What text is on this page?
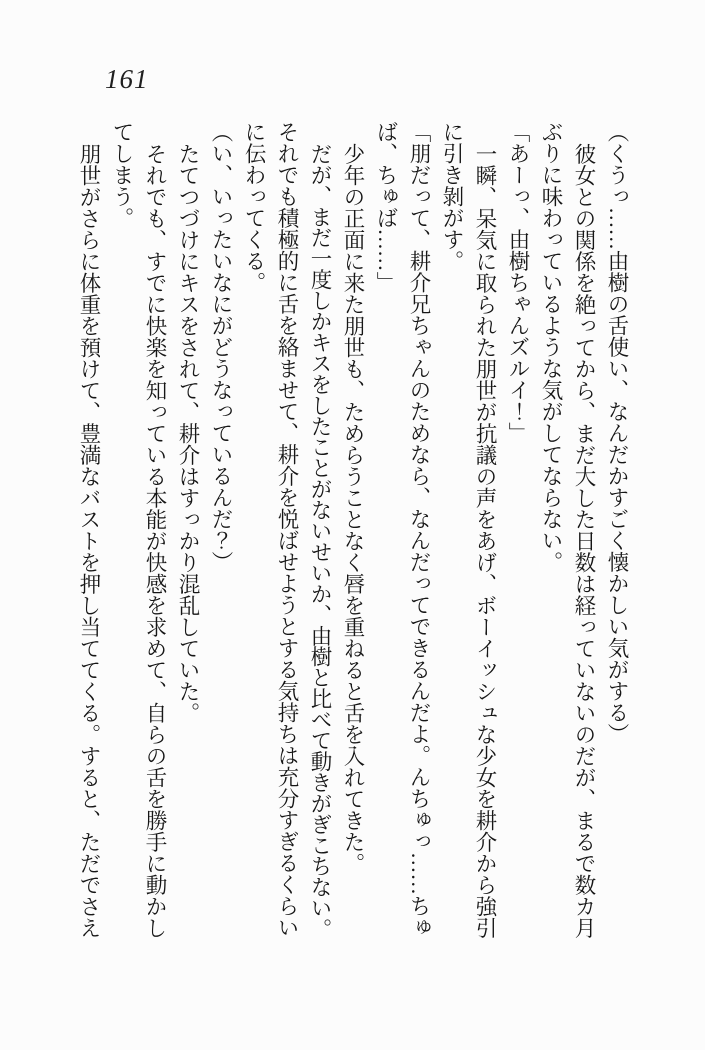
161

（くうっ……由樹の舌使い、なんだかすごく懐かしい気がする）

彼女との関係を絶ってから、まだ大した日数は経っていないのだが、まるで数カ月ぶりに味わっているような気がしてならない。

「あーっ、由樹ちゃんズルイ！」

一瞬、呆気に取られた朋世が抗議の声をあげ、ボーイッシュな少女を耕介から強引に引き剝がす。

「朋だって、耕介兄ちゃんのためなら、なんだってできるんだよ。んちゅっ……ちゅば、ちゅば……」

少年の正面に来た朋世も、ためらうことなく唇を重ねると舌を入れてきた。

だが、まだ一度しかキスをしたことがないせいか、由樹と比べて動きがぎこちない。

それでも積極的に舌を絡ませて、耕介を悦ばせようとする気持ちは充分すぎるくらいに伝わってくる。

（い、いったいなにがどうなっているんだ？）

たてつづけにキスをされて、耕介はすっかり混乱していた。

それでも、すでに快楽を知っている本能が快感を求めて、自らの舌を勝手に動かしてしまう。

朋世がさらに体重を預けて、豊満なバストを押し当ててくる。すると、ただでさえ
